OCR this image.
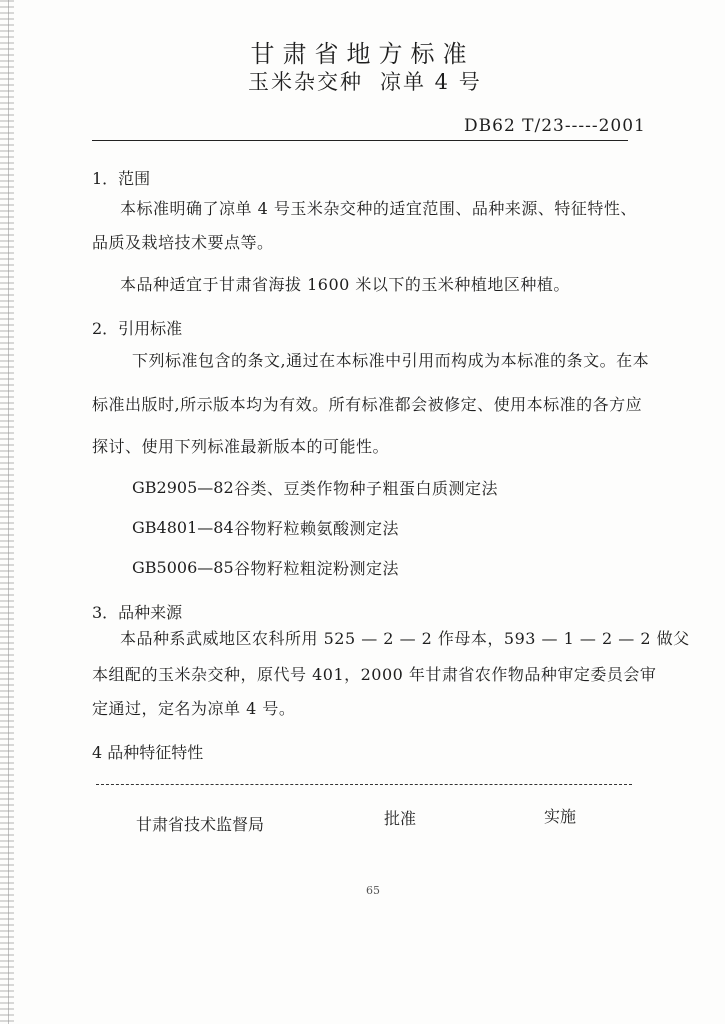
甘肃省地方标准
玉米杂交种 凉单 4 号
DB62 T/23-----2001
1．范围
本标准明确了凉单 4 号玉米杂交种的适宜范围、品种来源、特征特性、
品质及栽培技术要点等。
本品种适宜于甘肃省海拔 1600 米以下的玉米种植地区种植。
2．引用标准
下列标准包含的条文,通过在本标准中引用而构成为本标准的条文。在本
标准出版时,所示版本均为有效。所有标准都会被修定、使用本标准的各方应
探讨、使用下列标准最新版本的可能性。
GB2905—82 谷类、豆类作物种子粗蛋白质测定法
GB4801—84 谷物籽粒赖氨酸测定法
GB5006—85 谷物籽粒粗淀粉测定法
3．品种来源
本品种系武威地区农科所用 525 — 2 — 2 作母本，593 — 1 — 2 — 2 做父
本组配的玉米杂交种，原代号 401，2000 年甘肃省农作物品种审定委员会审
定通过，定名为凉单 4 号。
4 品种特征特性
甘肃省技术监督局	批准	实施
65
